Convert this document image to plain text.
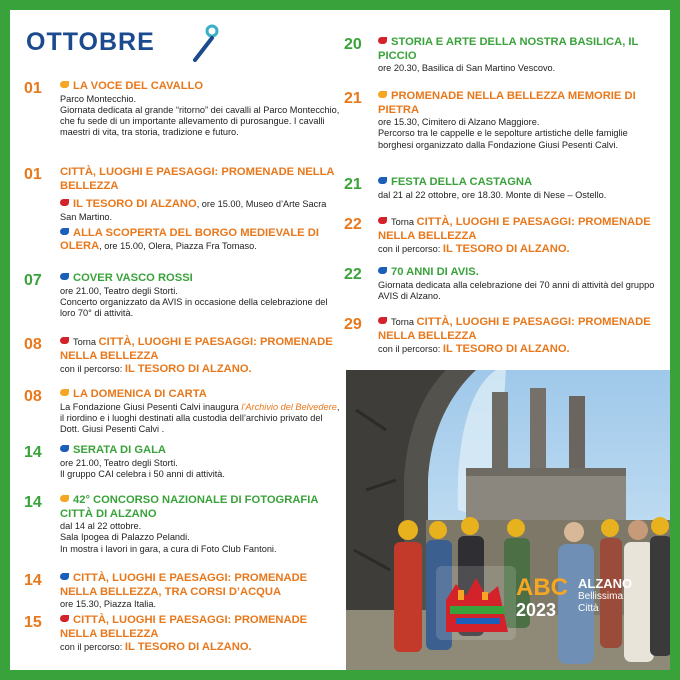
OTTOBRE
01	LA VOCE DEL CAVALLO

Parco Montecchio.

Giornata dedicata al grande “ritorno” dei cavalli al Parco Montecchio, che fu sede di un importante allevamento di purosangue. I cavalli maestri di vita, tra storia, tradizione e futuro.

01 CITTÀ, LUOGHI E PAESAGGI: PROMENADE NELLA BELLEZZA

IL TESORO DI ALZANO, ore 15.00, Museo d’Arte Sacra San Martino.

ALLA SCOPERTA DEL BORGO MEDIEVALE DI OLERA, ore 15.00, Olera, Piazza Fra Tomaso.

07	COVER VASCO ROSSI

ore 21.00, Teatro degli Storti.

Concerto organizzato da AVIS in occasione della celebrazione del loro 70° di attività.

08	Torna CITTÀ, LUOGHI E PAESAGGI: PROMENADE NELLA BELLEZZA

con il percorso: IL TESORO DI ALZANO.

08	LA DOMENICA DI CARTA

La Fondazione Giusi Pesenti Calvi inaugura l’Archivio del Belvedere, il riordino e i luoghi destinati alla custodia dell’archivio privato del Dott. Giusi Pesenti Calvi .

14	SERATA DI GALA

ore 21.00, Teatro degli Storti.

Il gruppo CAI celebra i 50 anni di attività.

14	42° CONCORSO NAZIONALE DI FOTOGRAFIA CITTÀ DI ALZANO

dal 14 al 22 ottobre.

Sala Ipogea di Palazzo Pelandi.

In mostra i lavori in gara, a cura di Foto Club Fantoni.

14	CITTÀ, LUOGHI E PAESAGGI: PROMENADE NELLA BELLEZZA, TRA CORSI D’ACQUA

ore 15.30, Piazza Italia.

15	CITTÀ, LUOGHI E PAESAGGI: PROMENADE NELLA BELLEZZA

con il percorso: IL TESORO DI ALZANO.

20	STORIA E ARTE DELLA NOSTRA BASILICA, IL PICCIO

ore 20.30, Basilica di San Martino Vescovo.

21	PROMENADE NELLA BELLEZZA MEMORIE DI PIETRA

ore 15.30, Cimitero di Alzano Maggiore.

Percorso tra le cappelle e le sepolture artistiche delle famiglie borghesi organizzato dalla Fondazione Giusi Pesenti Calvi.

21	FESTA DELLA CASTAGNA

dal 21 al 22 ottobre, ore 18.30. Monte di Nese – Ostello.

22	Torna CITTÀ, LUOGHI E PAESAGGI: PROMENADE NELLA BELLEZZA

con il percorso: IL TESORO DI ALZANO.

22	70 ANNI DI AVIS.

Giornata dedicata alla celebrazione dei 70 anni di attività del gruppo AVIS di Alzano.

29	Torna CITTÀ, LUOGHI E PAESAGGI: PROMENADE NELLA BELLEZZA

con il percorso: IL TESORO DI ALZANO.

ABC
2023
ALZANO
Bellissima
Città
